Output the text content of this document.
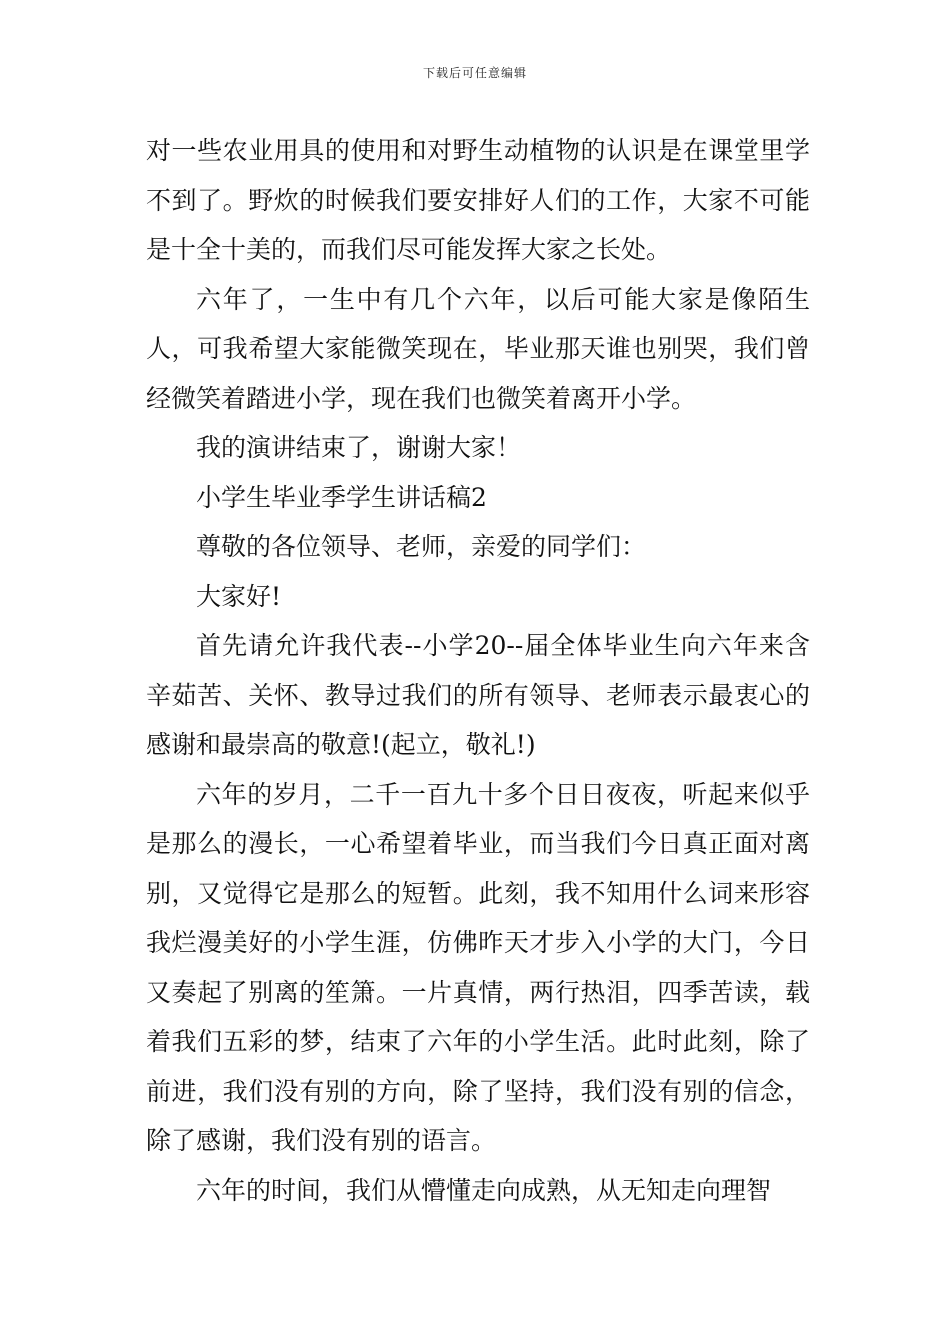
下载后可任意编辑

对一些农业用具的使用和对野生动植物的认识是在课堂里学不到了。野炊的时候我们要安排好人们的工作，大家不可能是十全十美的，而我们尽可能发挥大家之长处。

六年了，一生中有几个六年，以后可能大家是像陌生人，可我希望大家能微笑现在，毕业那天谁也别哭，我们曾经微笑着踏进小学，现在我们也微笑着离开小学。

我的演讲结束了，谢谢大家！

小学生毕业季学生讲话稿2

尊敬的各位领导、老师，亲爱的同学们：

大家好!

首先请允许我代表--小学20--届全体毕业生向六年来含辛茹苦、关怀、教导过我们的所有领导、老师表示最衷心的感谢和最崇高的敬意!(起立，敬礼!)

六年的岁月，二千一百九十多个日日夜夜，听起来似乎是那么的漫长，一心希望着毕业，而当我们今日真正面对离别，又觉得它是那么的短暂。此刻，我不知用什么词来形容我烂漫美好的小学生涯，仿佛昨天才步入小学的大门，今日又奏起了别离的笙箫。一片真情，两行热泪，四季苦读，载着我们五彩的梦，结束了六年的小学生活。此时此刻，除了前进，我们没有别的方向，除了坚持，我们没有别的信念，除了感谢，我们没有别的语言。

六年的时间，我们从懵懂走向成熟，从无知走向理智
